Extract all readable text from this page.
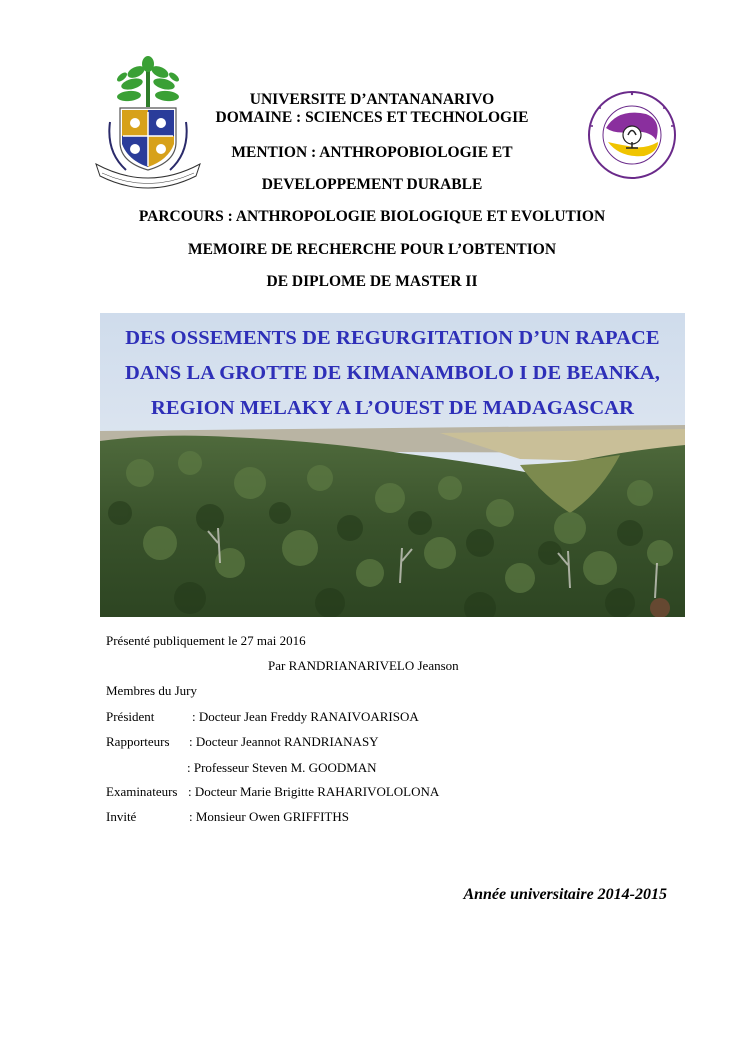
UNIVERSITE D’ANTANANARIVO
DOMAINE : SCIENCES ET TECHNOLOGIE
MENTION : ANTHROPOBIOLOGIE ET
DEVELOPPEMENT DURABLE
PARCOURS : ANTHROPOLOGIE BIOLOGIQUE ET EVOLUTION
MEMOIRE DE RECHERCHE POUR L’OBTENTION
DE DIPLOME DE MASTER II
DES OSSEMENTS DE REGURGITATION D’UN RAPACE
DANS LA GROTTE DE KIMANAMBOLO I DE BEANKA,
REGION MELAKY A L’OUEST DE MADAGASCAR
Présenté publiquement le 27 mai 2016
Par RANDRIANARIVELO Jeanson
Membres du Jury
Président	: Docteur Jean Freddy RANAIVOARISOA
Rapporteurs : Docteur Jeannot RANDRIANASY
: Professeur Steven M. GOODMAN
Examinateurs : Docteur Marie Brigitte RAHARIVOLOLONA
Invité	: Monsieur Owen GRIFFITHS
Année universitaire 2014-2015
